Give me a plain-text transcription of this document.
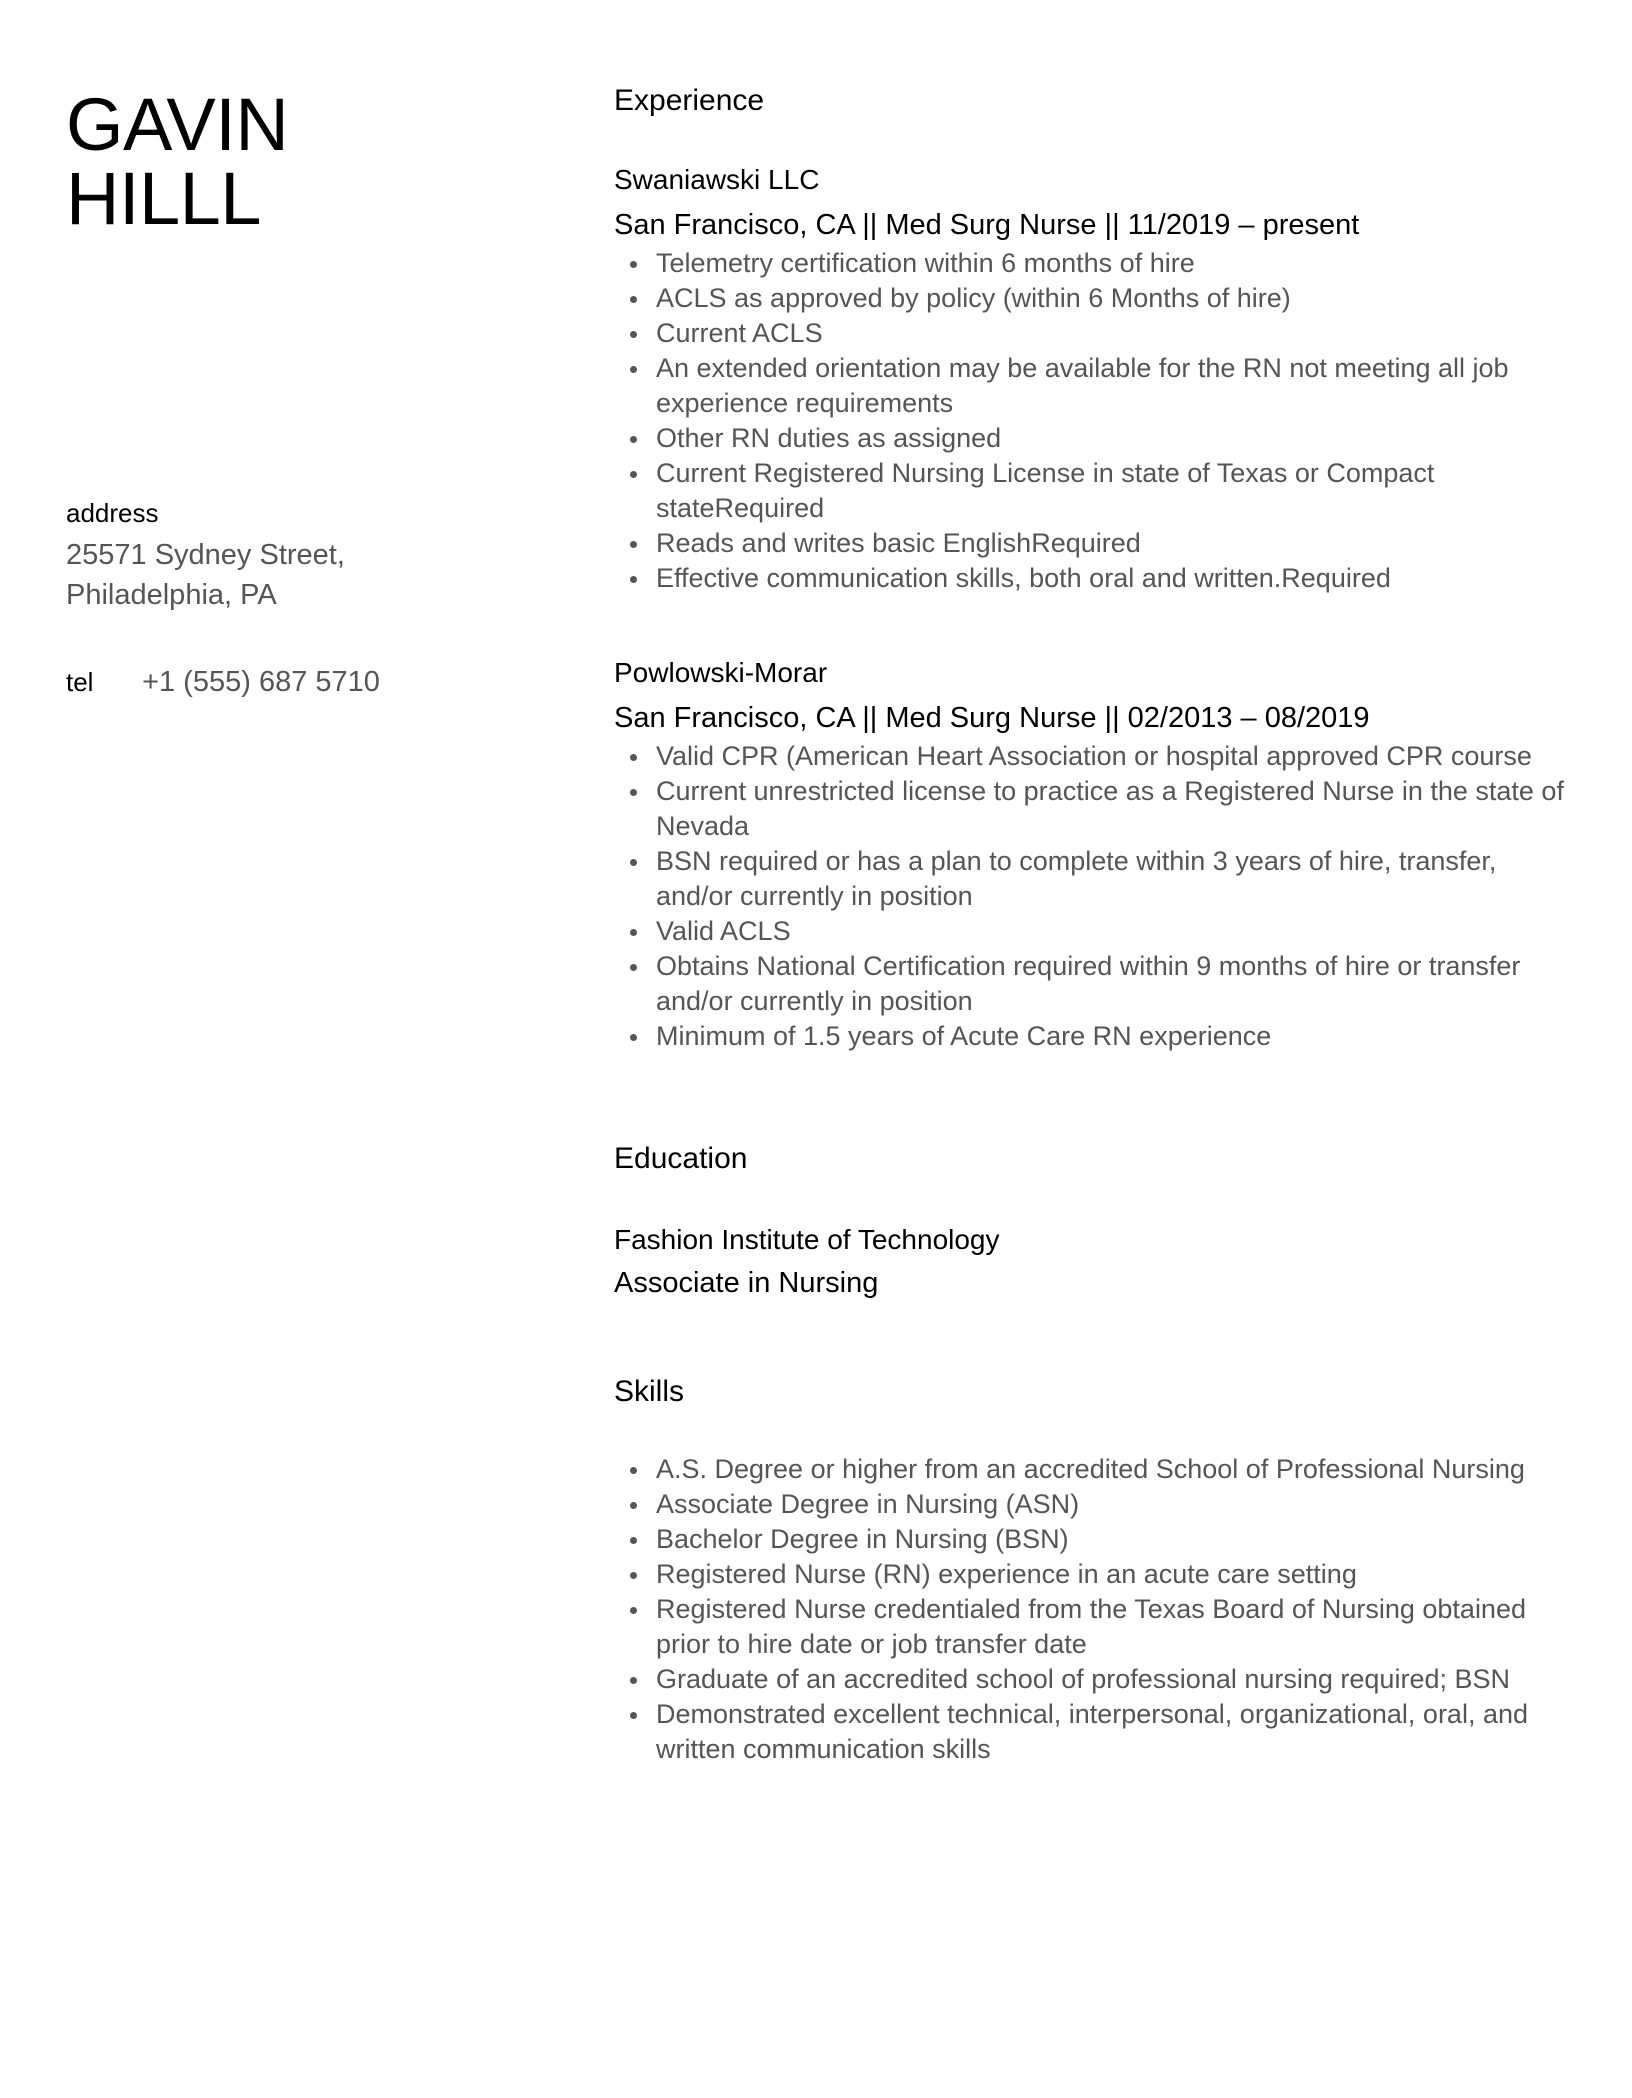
GAVIN
HILLL
address
25571 Sydney Street,
Philadelphia, PA
tel +1 (555) 687 5710
Experience
Swaniawski LLC
San Francisco, CA || Med Surg Nurse || 11/2019 – present
Telemetry certification within 6 months of hire
ACLS as approved by policy (within 6 Months of hire)
Current ACLS
An extended orientation may be available for the RN not meeting all job experience requirements
Other RN duties as assigned
Current Registered Nursing License in state of Texas or Compact stateRequired
Reads and writes basic EnglishRequired
Effective communication skills, both oral and written.Required
Powlowski-Morar
San Francisco, CA || Med Surg Nurse || 02/2013 – 08/2019
Valid CPR (American Heart Association or hospital approved CPR course
Current unrestricted license to practice as a Registered Nurse in the state of Nevada
BSN required or has a plan to complete within 3 years of hire, transfer, and/or currently in position
Valid ACLS
Obtains National Certification required within 9 months of hire or transfer and/or currently in position
Minimum of 1.5 years of Acute Care RN experience
Education
Fashion Institute of Technology
Associate in Nursing
Skills
A.S. Degree or higher from an accredited School of Professional Nursing
Associate Degree in Nursing (ASN)
Bachelor Degree in Nursing (BSN)
Registered Nurse (RN) experience in an acute care setting
Registered Nurse credentialed from the Texas Board of Nursing obtained prior to hire date or job transfer date
Graduate of an accredited school of professional nursing required; BSN
Demonstrated excellent technical, interpersonal, organizational, oral, and written communication skills
